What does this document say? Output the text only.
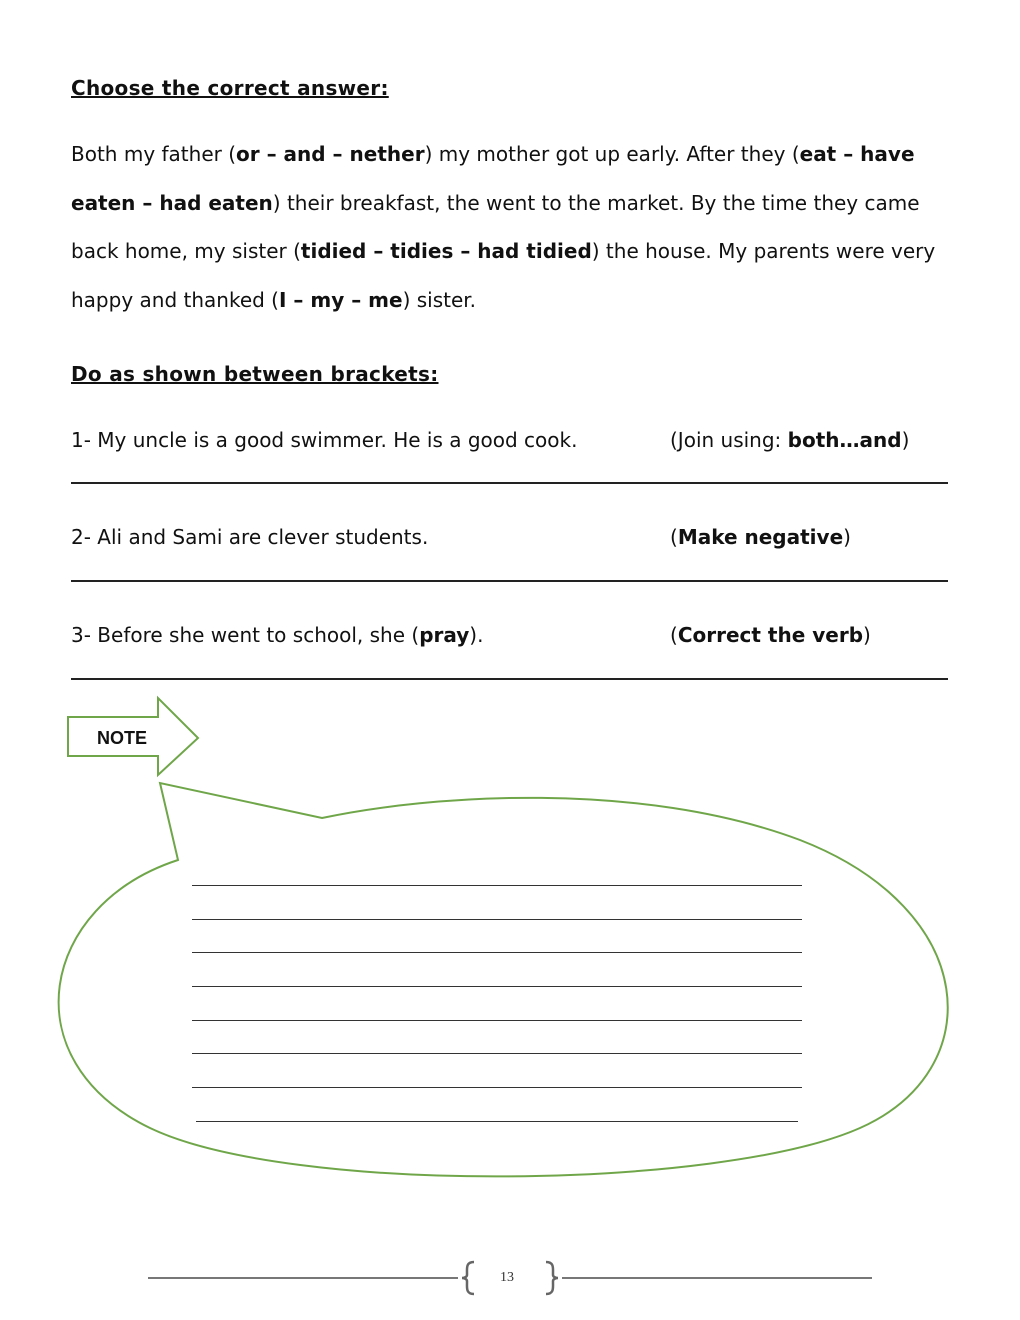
Choose the correct answer:
Both my father (or – and – nether) my mother got up early. After they (eat – have eaten – had eaten) their breakfast, the went to the market. By the time they came back home, my sister (tidied – tidies – had tidied) the house. My parents were very happy and thanked (I – my – me) sister.
Do as shown between brackets:
1- My uncle is a good swimmer. He is a good cook.	(Join using: both…and)
2- Ali and Sami are clever students.	(Make negative)
3- Before she went to school, she (pray).	(Correct the verb)
NOTE
13
